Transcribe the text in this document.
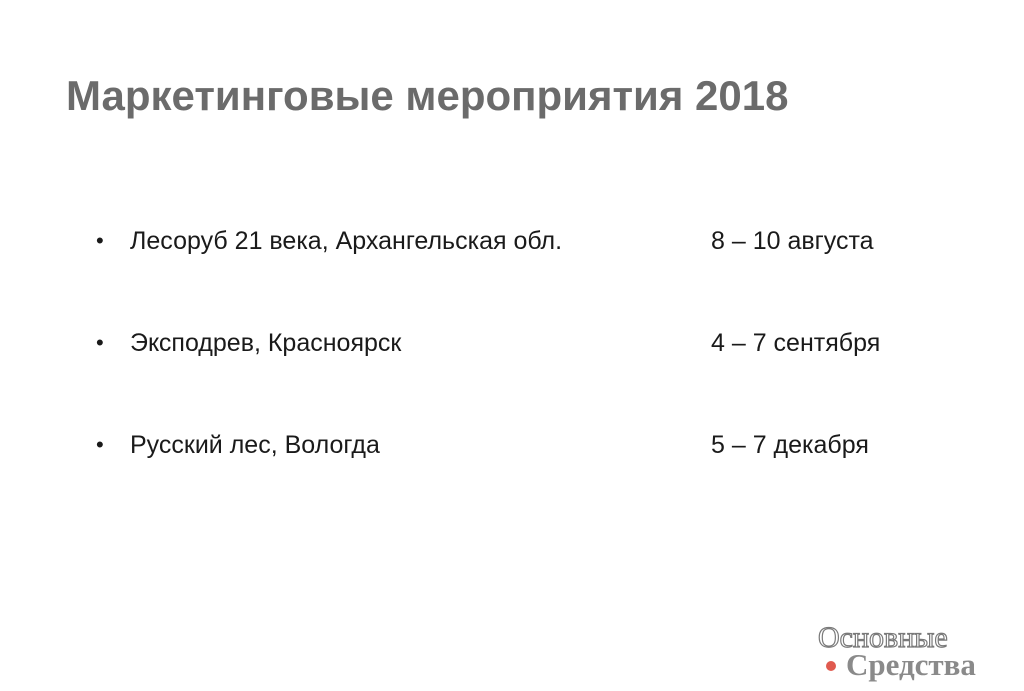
Маркетинговые мероприятия 2018
• Лесоруб 21 века, Архангельская обл.	8 – 10 августа
• Экcподрев, Красноярск	4 – 7 сентября
• Русский лес, Вологда	5 – 7 декабря
Основные
Средства
